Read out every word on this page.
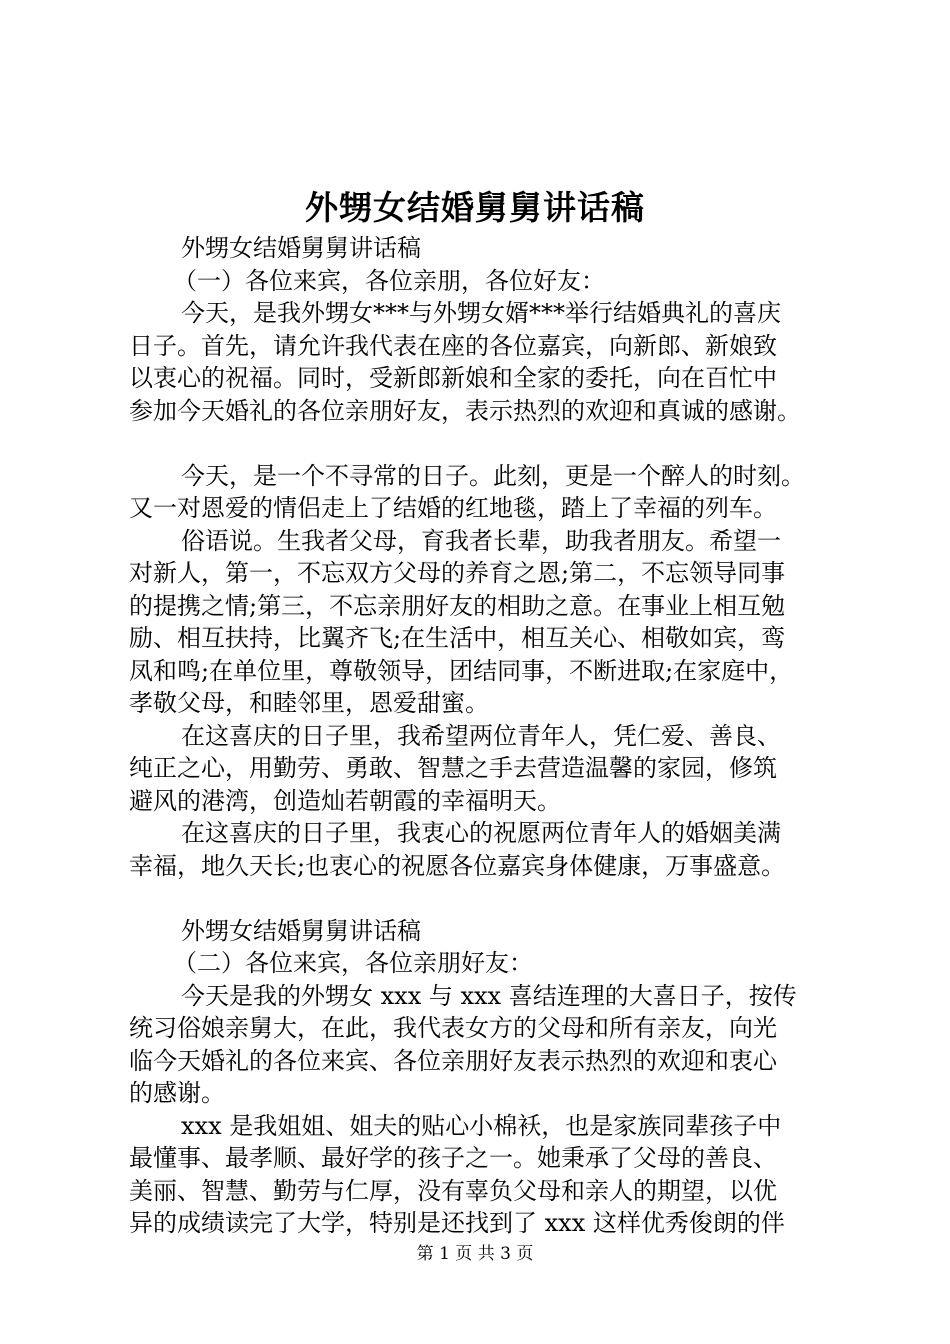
外甥女结婚舅舅讲话稿
外甥女结婚舅舅讲话稿
（一）各位来宾，各位亲朋，各位好友：
今天，是我外甥女***与外甥女婿***举行结婚典礼的喜庆
日子。首先，请允许我代表在座的各位嘉宾，向新郎、新娘致
以衷心的祝福。同时，受新郎新娘和全家的委托，向在百忙中
参加今天婚礼的各位亲朋好友，表示热烈的欢迎和真诚的感谢。
今天，是一个不寻常的日子。此刻，更是一个醉人的时刻。
又一对恩爱的情侣走上了结婚的红地毯，踏上了幸福的列车。
俗语说。生我者父母，育我者长辈，助我者朋友。希望一
对新人，第一，不忘双方父母的养育之恩;第二，不忘领导同事
的提携之情;第三，不忘亲朋好友的相助之意。在事业上相互勉
励、相互扶持，比翼齐飞;在生活中，相互关心、相敬如宾，鸾
凤和鸣;在单位里，尊敬领导，团结同事，不断进取;在家庭中，
孝敬父母，和睦邻里，恩爱甜蜜。
在这喜庆的日子里，我希望两位青年人，凭仁爱、善良、
纯正之心，用勤劳、勇敢、智慧之手去营造温馨的家园，修筑
避风的港湾，创造灿若朝霞的幸福明天。
在这喜庆的日子里，我衷心的祝愿两位青年人的婚姻美满
幸福，地久天长;也衷心的祝愿各位嘉宾身体健康，万事盛意。
外甥女结婚舅舅讲话稿
（二）各位来宾，各位亲朋好友：
今天是我的外甥女 xxx 与 xxx 喜结连理的大喜日子，按传
统习俗娘亲舅大，在此，我代表女方的父母和所有亲友，向光
临今天婚礼的各位来宾、各位亲朋好友表示热烈的欢迎和衷心
的感谢。
xxx 是我姐姐、姐夫的贴心小棉袄，也是家族同辈孩子中
最懂事、最孝顺、最好学的孩子之一。她秉承了父母的善良、
美丽、智慧、勤劳与仁厚，没有辜负父母和亲人的期望，以优
异的成绩读完了大学，特别是还找到了 xxx 这样优秀俊朗的伴
第 1 页 共 3 页
